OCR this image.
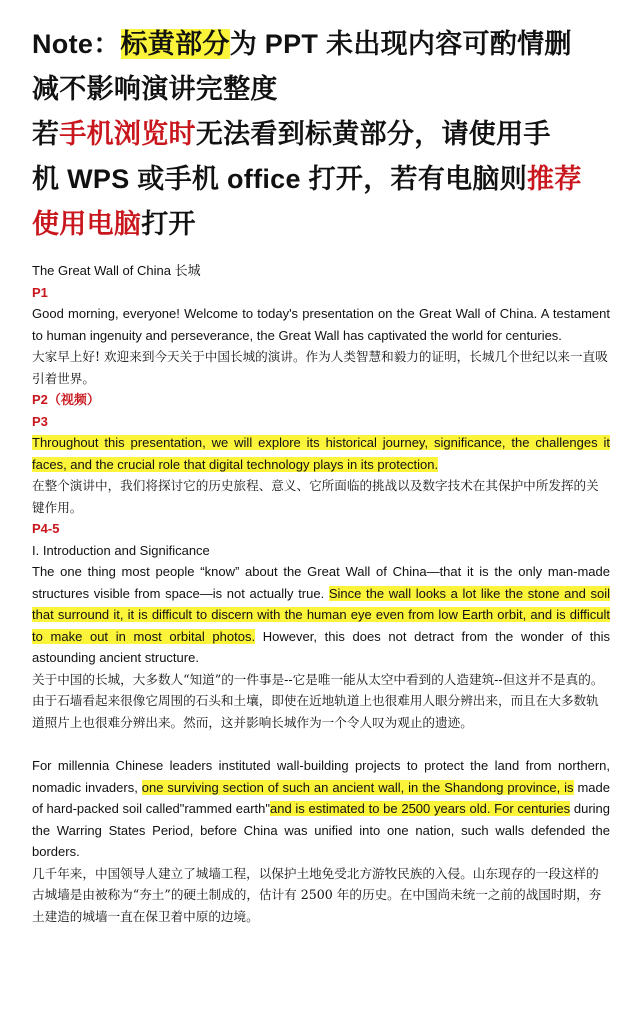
Note：标黄部分为 PPT 未出现内容可酌情删
减不影响演讲完整度
若手机浏览时无法看到标黄部分，请使用手
机 WPS 或手机 office 打开，若有电脑则推荐
使用电脑打开

The Great Wall of China 长城

P1

Good morning, everyone! Welcome to today's presentation on the Great Wall of China. A testament to human ingenuity and perseverance, the Great Wall has captivated the world for centuries.

大家早上好! 欢迎来到今天关于中国长城的演讲。作为人类智慧和毅力的证明，长城几个世纪以来一直吸引着世界。

P2（视频）

P3

Throughout this presentation, we will explore its historical journey, significance, the challenges it faces, and the crucial role that digital technology plays in its protection.

在整个演讲中，我们将探讨它的历史旅程、意义、它所面临的挑战以及数字技术在其保护中所发挥的关键作用。

P4-5

I. Introduction and Significance

The one thing most people “know” about the Great Wall of China—that it is the only man-made structures visible from space—is not actually true. Since the wall looks a lot like the stone and soil that surround it, it is difficult to discern with the human eye even from low Earth orbit, and is difficult to make out in most orbital photos. However, this does not detract from the wonder of this astounding ancient structure.

关于中国的长城，大多数人“知道”的一件事是--它是唯一能从太空中看到的人造建筑--但这并不是真的。由于石墙看起来很像它周围的石头和土壤，即使在近地轨道上也很难用人眼分辨出来，而且在大多数轨道照片上也很难分辨出来。然而，这并影响长城作为一个令人叹为观止的遗迹。

For millennia Chinese leaders instituted wall-building projects to protect the land from northern, nomadic invaders, one surviving section of such an ancient wall, in the Shandong province, is made of hard-packed soil called"rammed earth"and is estimated to be 2500 years old. For centuries during the Warring States Period, before China was unified into one nation, such walls defended the borders.

几千年来，中国领导人建立了城墙工程，以保护土地免受北方游牧民族的入侵。山东现存的一段这样的古城墙是由被称为“夯土”的硬土制成的，估计有 2500 年的历史。在中国尚未统一之前的战国时期，夯土建造的城墙一直在保卫着中原的边境。
